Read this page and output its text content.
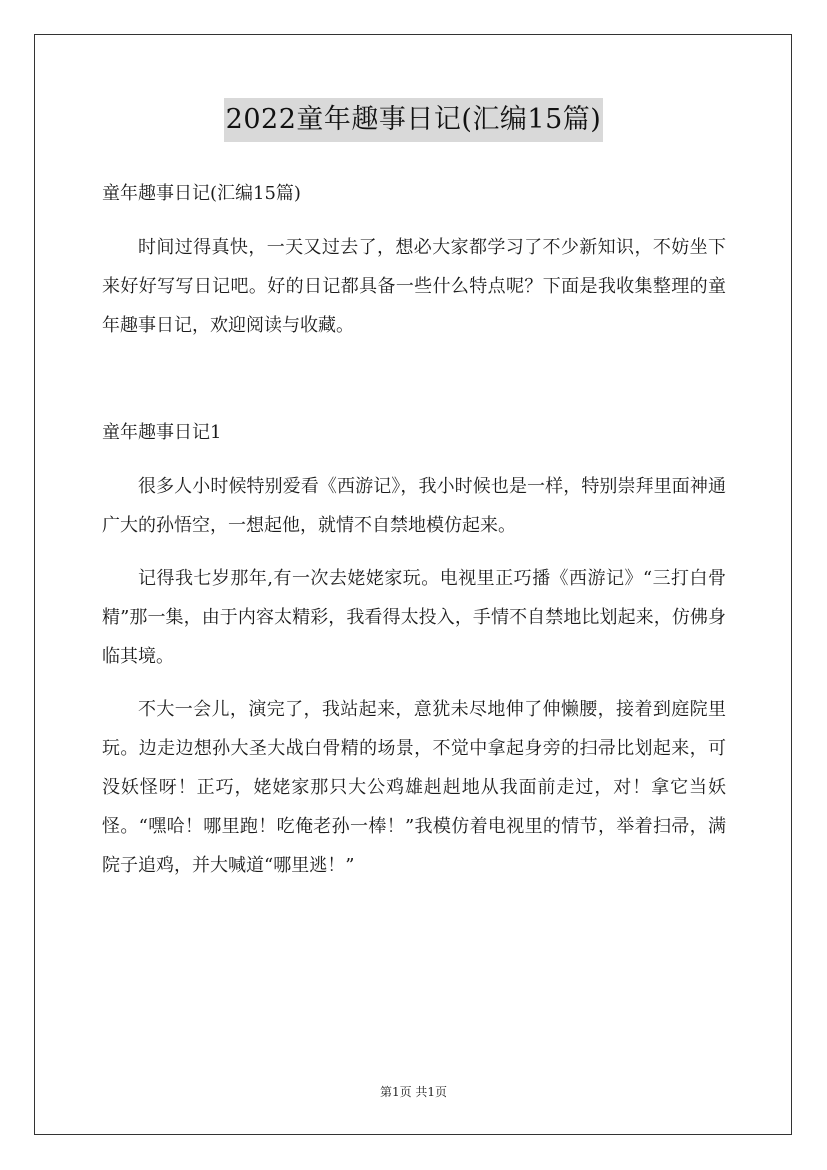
2022童年趣事日记(汇编15篇)

童年趣事日记(汇编15篇)

时间过得真快，一天又过去了，想必大家都学习了不少新知识，不妨坐下来好好写写日记吧。好的日记都具备一些什么特点呢？下面是我收集整理的童年趣事日记，欢迎阅读与收藏。

童年趣事日记1

很多人小时候特别爱看《西游记》，我小时候也是一样，特别崇拜里面神通广大的孙悟空，一想起他，就情不自禁地模仿起来。

记得我七岁那年,有一次去姥姥家玩。电视里正巧播《西游记》“三打白骨精”那一集，由于内容太精彩，我看得太投入，手情不自禁地比划起来，仿佛身临其境。

不大一会儿，演完了，我站起来，意犹未尽地伸了伸懒腰，接着到庭院里玩。边走边想孙大圣大战白骨精的场景，不觉中拿起身旁的扫帚比划起来，可没妖怪呀！正巧，姥姥家那只大公鸡雄赳赳地从我面前走过，对！拿它当妖怪。“嘿哈！哪里跑！吃俺老孙一棒！”我模仿着电视里的情节，举着扫帚，满院子追鸡，并大喊道“哪里逃！”

第1页 共1页
